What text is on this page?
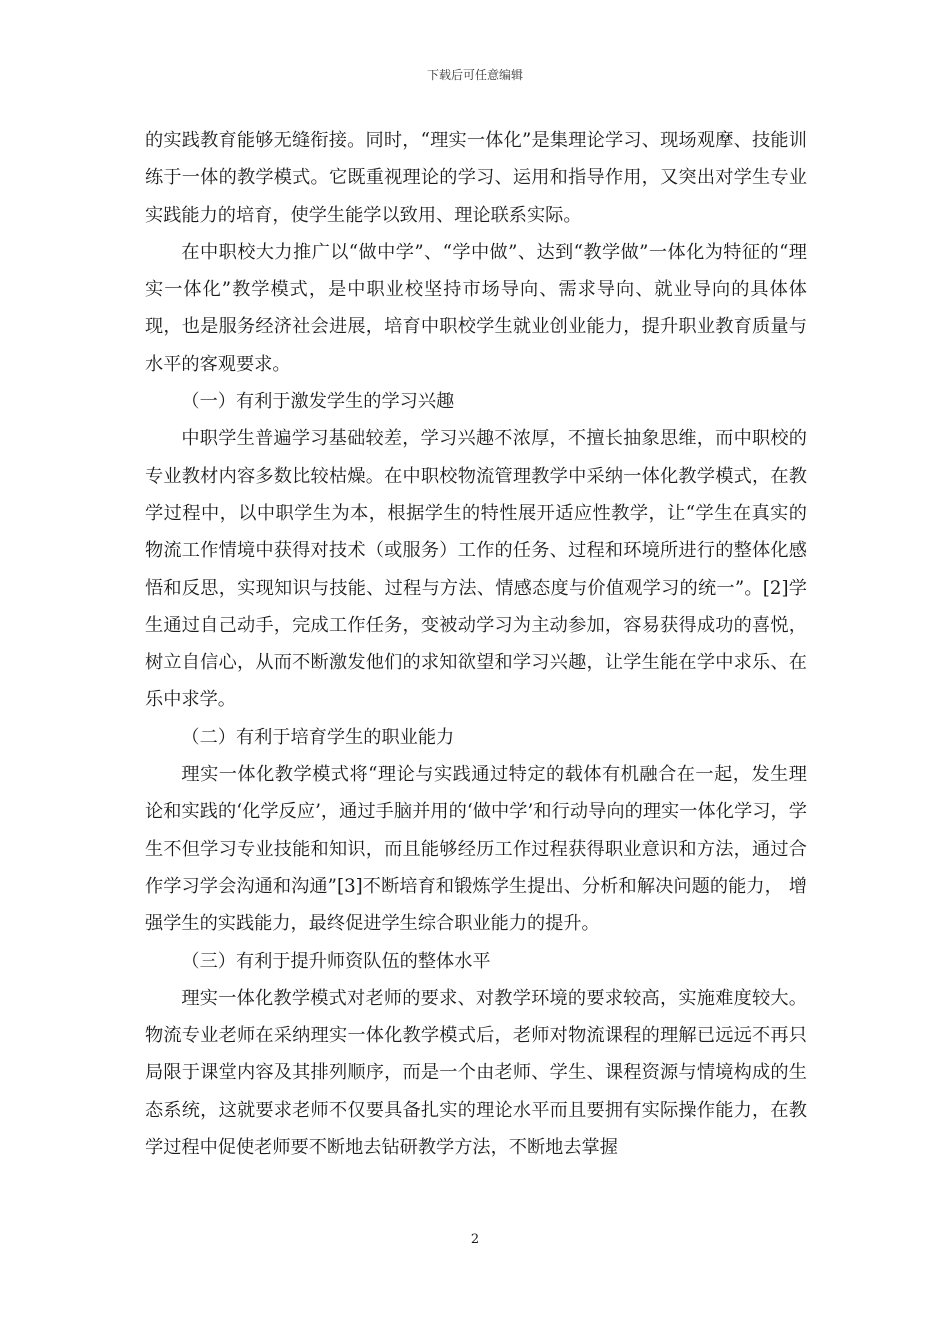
下载后可任意编辑

的实践教育能够无缝衔接。同时，“理实一体化”是集理论学习、现场观摩、技能训练于一体的教学模式。它既重视理论的学习、运用和指导作用，又突出对学生专业实践能力的培育，使学生能学以致用、理论联系实际。

在中职校大力推广以“做中学”、“学中做”、达到“教学做”一体化为特征的“理实一体化”教学模式，是中职业校坚持市场导向、需求导向、就业导向的具体体现，也是服务经济社会进展，培育中职校学生就业创业能力，提升职业教育质量与水平的客观要求。

（一）有利于激发学生的学习兴趣

中职学生普遍学习基础较差，学习兴趣不浓厚，不擅长抽象思维，而中职校的专业教材内容多数比较枯燥。在中职校物流管理教学中采纳一体化教学模式，在教学过程中，以中职学生为本，根据学生的特性展开适应性教学，让“学生在真实的物流工作情境中获得对技术（或服务）工作的任务、过程和环境所进行的整体化感悟和反思，实现知识与技能、过程与方法、情感态度与价值观学习的统一”。[2]学生通过自己动手，完成工作任务，变被动学习为主动参加，容易获得成功的喜悦，树立自信心，从而不断激发他们的求知欲望和学习兴趣，让学生能在学中求乐、在乐中求学。

（二）有利于培育学生的职业能力

理实一体化教学模式将“理论与实践通过特定的载体有机融合在一起，发生理论和实践的‘化学反应’，通过手脑并用的‘做中学’和行动导向的理实一体化学习，学生不但学习专业技能和知识，而且能够经历工作过程获得职业意识和方法，通过合作学习学会沟通和沟通”[3]不断培育和锻炼学生提出、分析和解决问题的能力， 增强学生的实践能力，最终促进学生综合职业能力的提升。

（三）有利于提升师资队伍的整体水平

理实一体化教学模式对老师的要求、对教学环境的要求较高，实施难度较大。物流专业老师在采纳理实一体化教学模式后，老师对物流课程的理解已远远不再只局限于课堂内容及其排列顺序，而是一个由老师、学生、课程资源与情境构成的生态系统，这就要求老师不仅要具备扎实的理论水平而且要拥有实际操作能力，在教学过程中促使老师要不断地去钻研教学方法，不断地去掌握

2
